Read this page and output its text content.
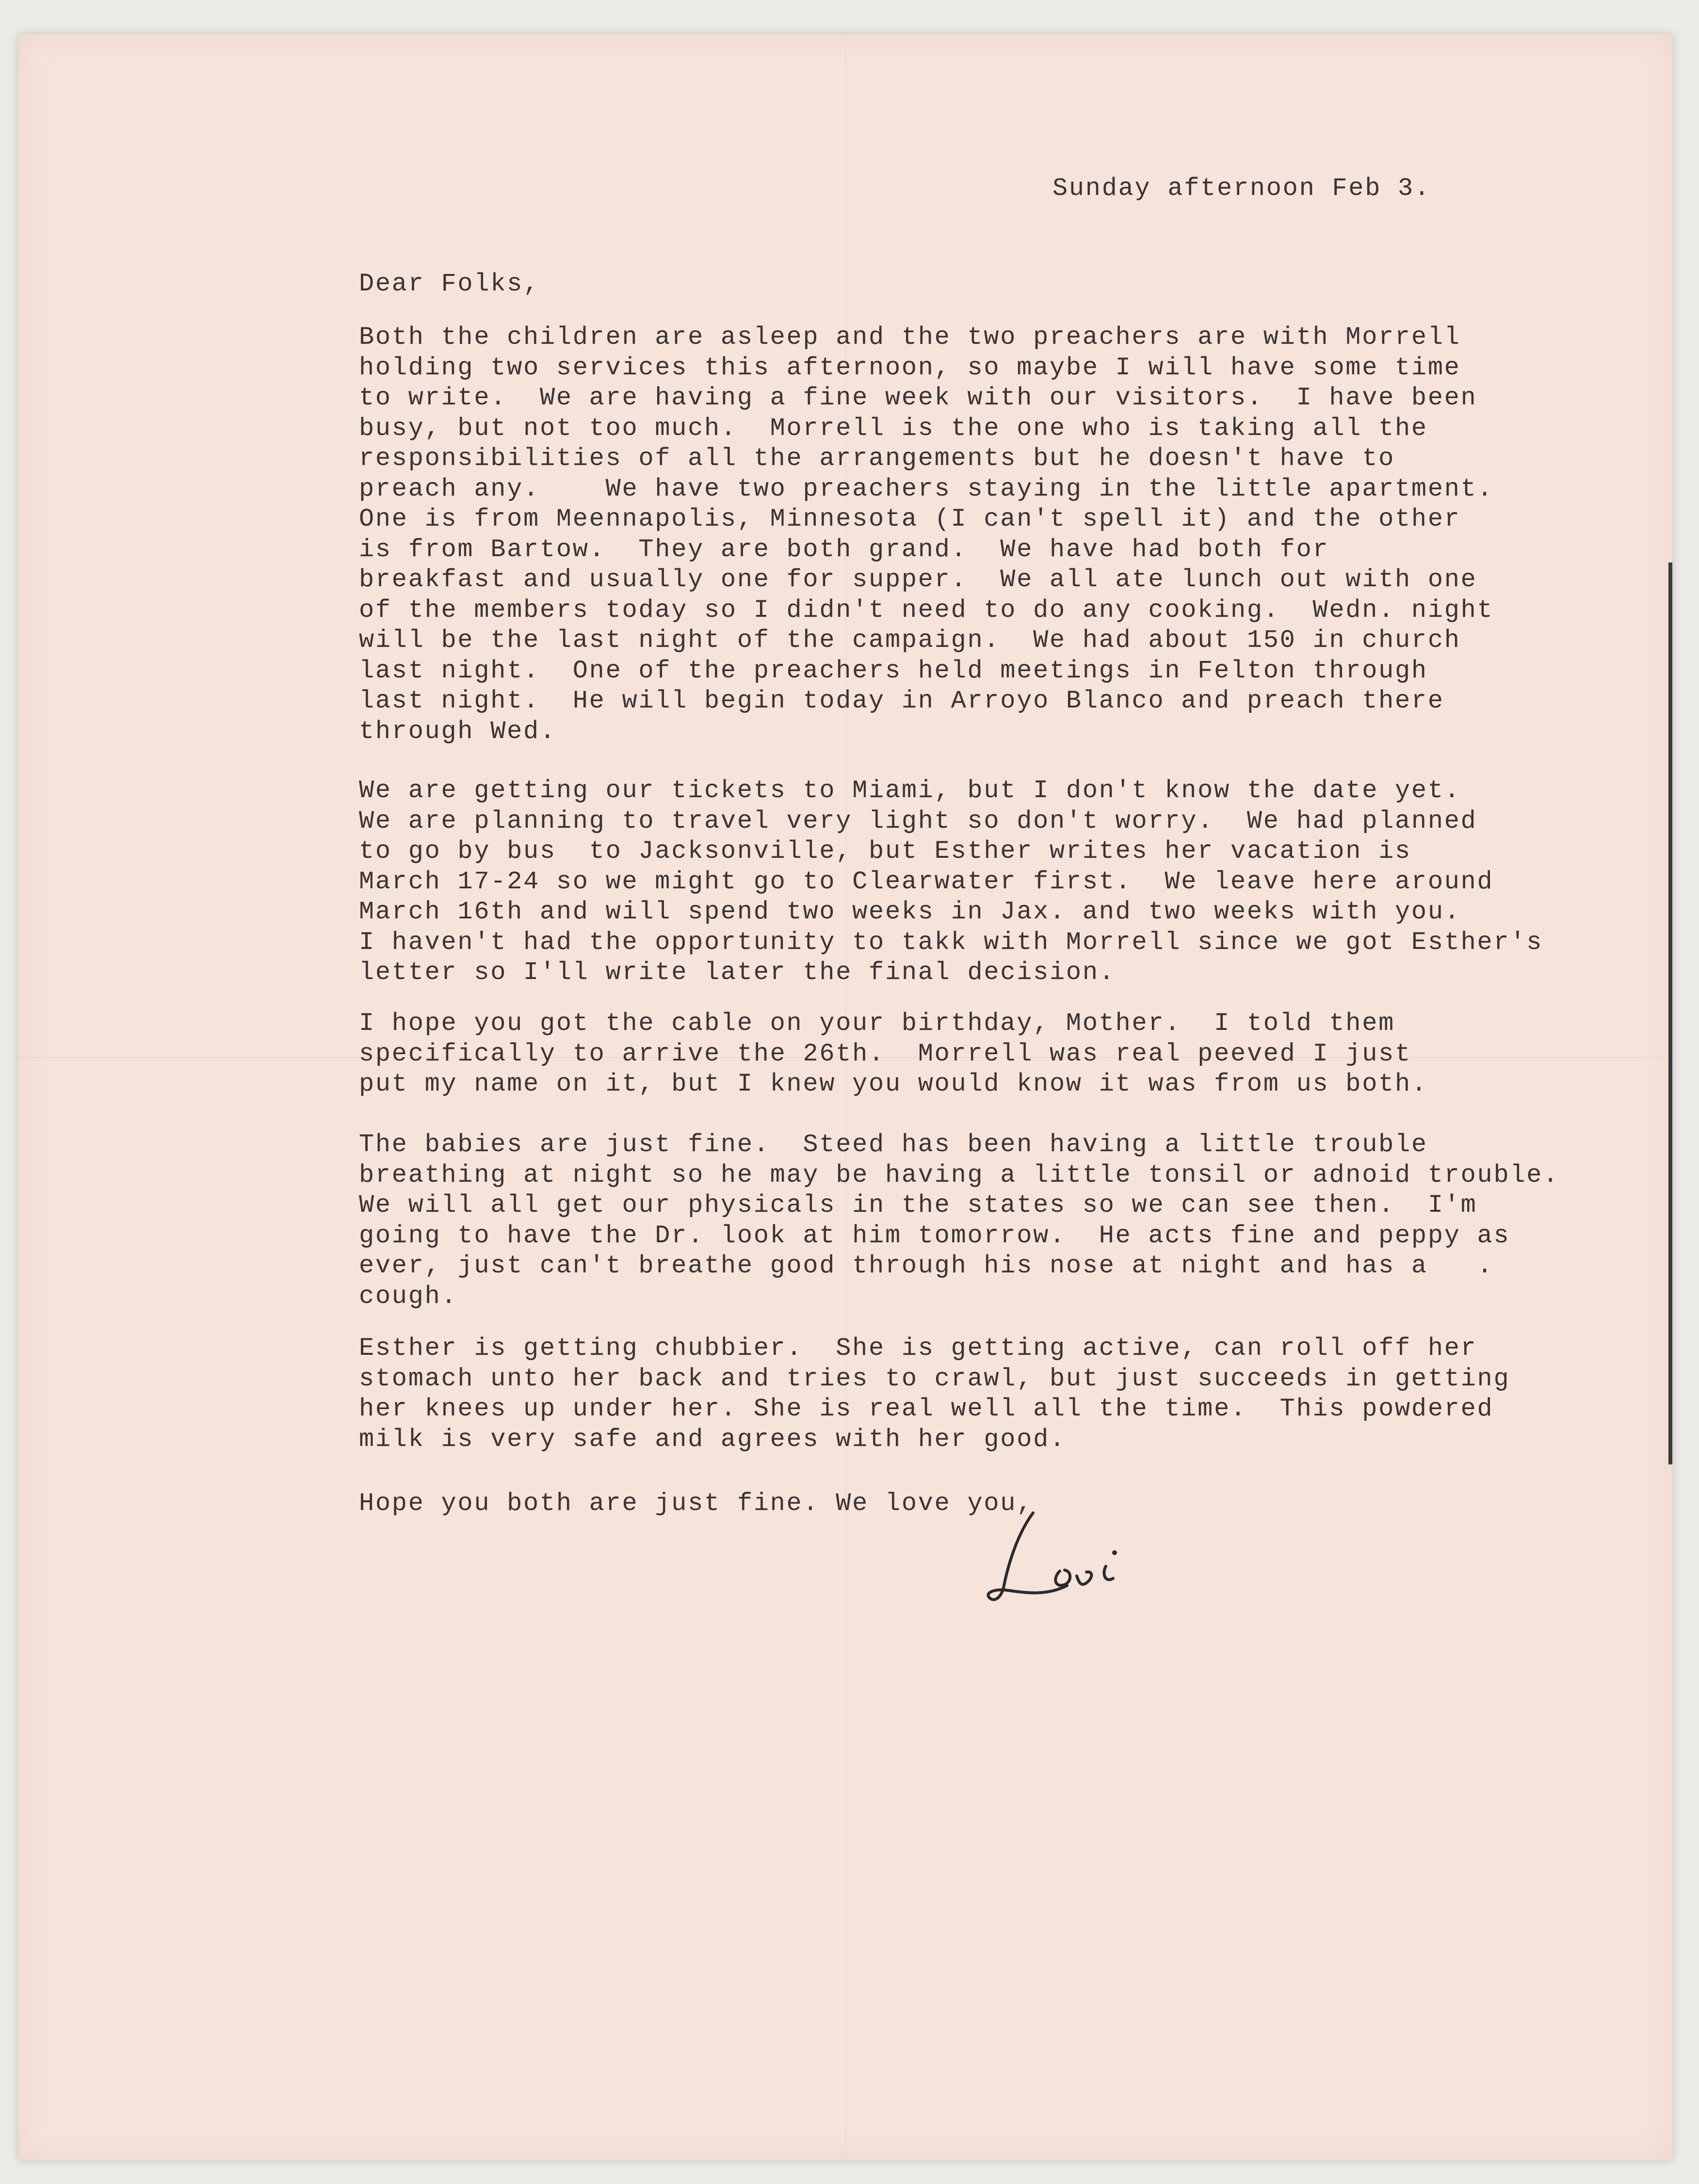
Sunday afternoon Feb 3.
Dear Folks,
Both the children are asleep and the two preachers are with Morrell
holding two services this afternoon, so maybe I will have some time
to write.  We are having a fine week with our visitors.  I have been
busy, but not too much.  Morrell is the one who is taking all the
responsibilities of all the arrangements but he doesn't have to
preach any.    We have two preachers staying in the little apartment.
One is from Meennapolis, Minnesota (I can't spell it) and the other
is from Bartow.  They are both grand.  We have had both for
breakfast and usually one for supper.  We all ate lunch out with one
of the members today so I didn't need to do any cooking.  Wedn. night
will be the last night of the campaign.  We had about 150 in church
last night.  One of the preachers held meetings in Felton through
last night.  He will begin today in Arroyo Blanco and preach there
through Wed.
We are getting our tickets to Miami, but I don't know the date yet.
We are planning to travel very light so don't worry.  We had planned
to go by bus  to Jacksonville, but Esther writes her vacation is
March 17-24 so we might go to Clearwater first.  We leave here around
March 16th and will spend two weeks in Jax. and two weeks with you.
I haven't had the opportunity to takk with Morrell since we got Esther's
letter so I'll write later the final decision.
I hope you got the cable on your birthday, Mother.  I told them
specifically to arrive the 26th.  Morrell was real peeved I just
put my name on it, but I knew you would know it was from us both.
The babies are just fine.  Steed has been having a little trouble
breathing at night so he may be having a little tonsil or adnoid trouble.
We will all get our physicals in the states so we can see then.  I'm
going to have the Dr. look at him tomorrow.  He acts fine and peppy as
ever, just can't breathe good through his nose at night and has a   .
cough.
Esther is getting chubbier.  She is getting active, can roll off her
stomach unto her back and tries to crawl, but just succeeds in getting
her knees up under her. She is real well all the time.  This powdered
milk is very safe and agrees with her good.
Hope you both are just fine. We love you,
